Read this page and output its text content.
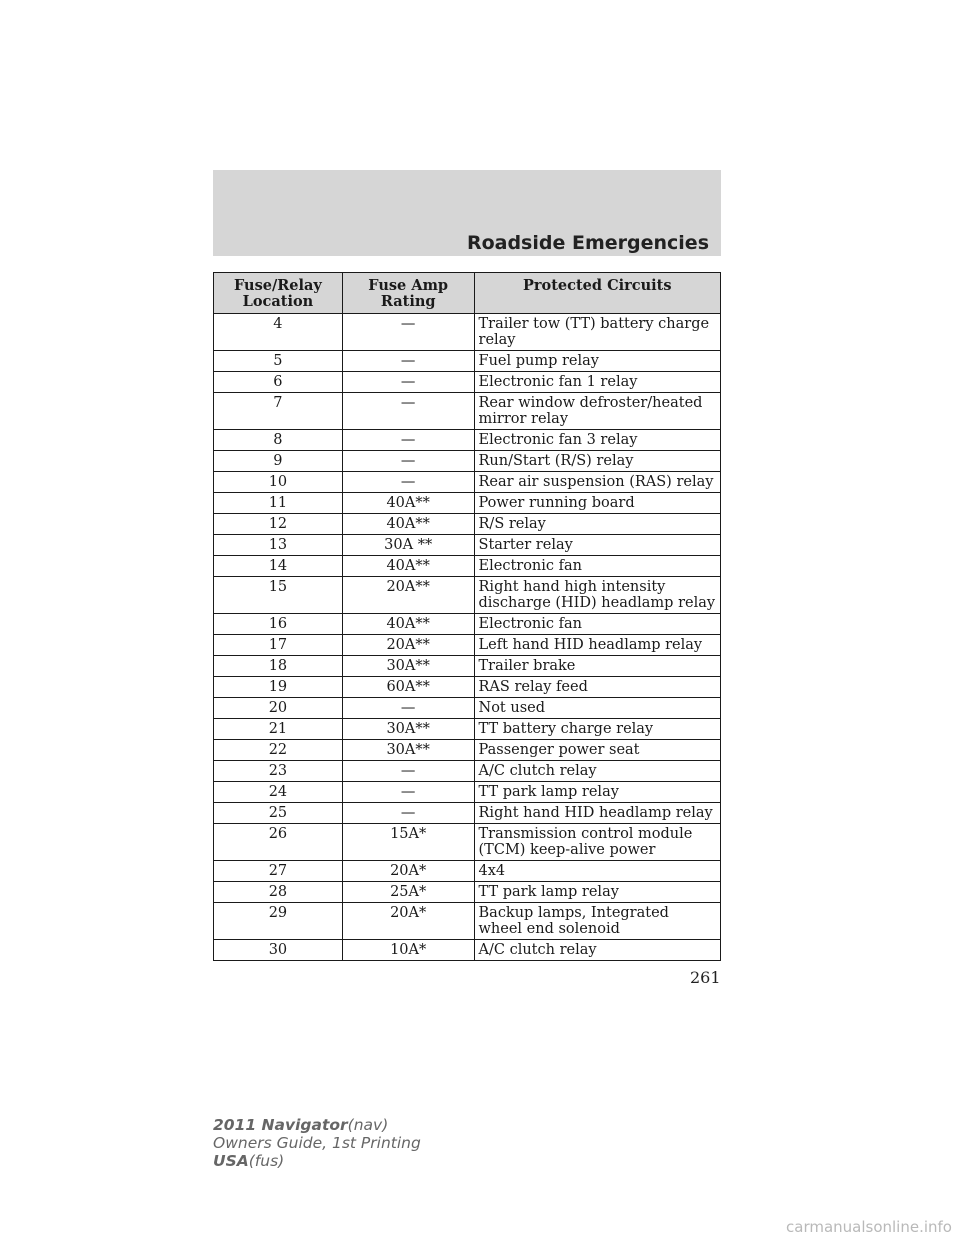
Roadside Emergencies
Fuse/Relay Location	Fuse Amp Rating	Protected Circuits
4	—	Trailer tow (TT) battery charge relay
5	—	Fuel pump relay
6	—	Electronic fan 1 relay
7	—	Rear window defroster/heated mirror relay
8	—	Electronic fan 3 relay
9	—	Run/Start (R/S) relay
10	—	Rear air suspension (RAS) relay
11	40A**	Power running board
12	40A**	R/S relay
13	30A **	Starter relay
14	40A**	Electronic fan
15	20A**	Right hand high intensity discharge (HID) headlamp relay
16	40A**	Electronic fan
17	20A**	Left hand HID headlamp relay
18	30A**	Trailer brake
19	60A**	RAS relay feed
20	—	Not used
21	30A**	TT battery charge relay
22	30A**	Passenger power seat
23	—	A/C clutch relay
24	—	TT park lamp relay
25	—	Right hand HID headlamp relay
26	15A*	Transmission control module (TCM) keep-alive power
27	20A*	4x4
28	25A*	TT park lamp relay
29	20A*	Backup lamps, Integrated wheel end solenoid
30	10A*	A/C clutch relay
261
2011 Navigator(nav)
Owners Guide, 1st Printing
USA(fus)
carmanualsonline.info
